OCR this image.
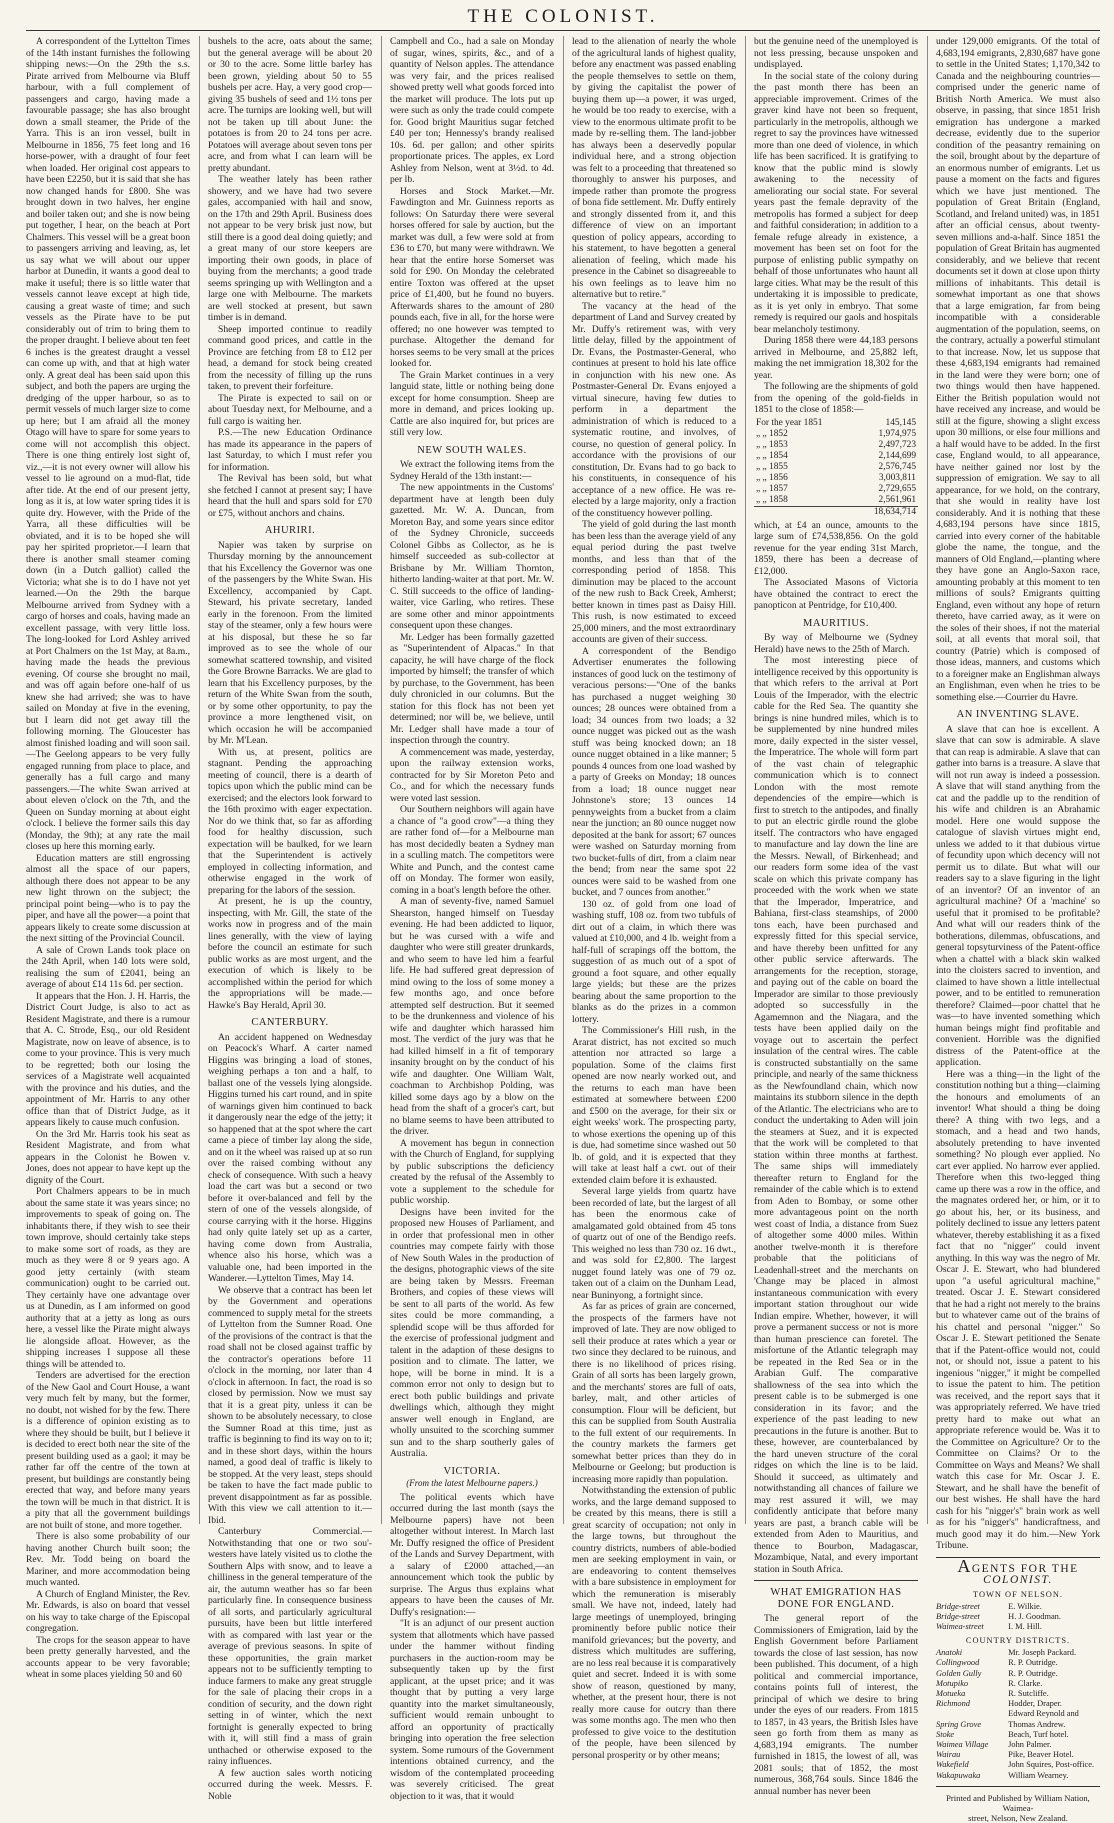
THE COLONIST.

A correspondent of the Lyttelton Times of the 14th instant furnishes the following shipping news:—On the 29th the s.s. Pirate arrived from Melbourne via Bluff harbour, with a full complement of passengers and cargo, having made a favourable passage; she has also brought down a small steamer, the Pride of the Yarra. This is an iron vessel, built in Melbourne in 1856, 75 feet long and 16 horse-power, with a draught of four feet when loaded. Her original cost appears to have been £2250, but it is said that she has now changed hands for £800. She was brought down in two halves, her engine and boiler taken out; and she is now being put together, I hear, on the beach at Port Chalmers. This vessel will be a great boon to passengers arriving and leaving, as, let us say what we will about our upper harbor at Dunedin, it wants a good deal to make it useful; there is so little water that vessels cannot leave except at high tide, causing a great waste of time; and such vessels as the Pirate have to be put considerably out of trim to bring them to the proper draught. I believe about ten feet 6 inches is the greatest draught a vessel can come up with, and that at high water only. A great deal has been said upon this subject, and both the papers are urging the dredging of the upper harbour, so as to permit vessels of much larger size to come up here; but I am afraid all the money Otago will have to spare for some years to come will not accomplish this object. There is one thing entirely lost sight of, viz.,—it is not every owner will allow his vessel to lie aground on a mud-flat, tide after tide. At the end of our present jetty, long as it is, at low water spring tides it is quite dry. However, with the Pride of the Yarra, all these difficulties will be obviated, and it is to be hoped she will pay her spirited proprietor.—I learn that there is another small steamer coming down (in a Dutch galliot) called the Victoria; what she is to do I have not yet learned.—On the 29th the barque Melbourne arrived from Sydney with a cargo of horses and coals, having made an excellent passage, with very little loss. The long-looked for Lord Ashley arrived at Port Chalmers on the 1st May, at 8a.m., having made the heads the previous evening. Of course she brought no mail, and was off again before one-half of us knew she had arrived; she was to have sailed on Monday at five in the evening, but I learn did not get away till the following morning. The Gloucester has almost finished loading and will soon sail.—The Geelong appears to be very fully engaged running from place to place, and generally has a full cargo and many passengers.—The white Swan arrived at about eleven o'clock on the 7th, and the Queen on Sunday morning at about eight o'clock. I believe the former sails this day (Monday, the 9th); at any rate the mail closes up here this morning early.

Education matters are still engrossing almost all the space of our papers, although there does not appear to be any new light thrown on the subject; the principal point being—who is to pay the piper, and have all the power—a point that appears likely to create some discussion at the next sitting of the Provincial Council.

A sale of Crown Lands took place on the 24th April, when 140 lots were sold, realising the sum of £2041, being an average of about £14 11s 6d. per section.

It appears that the Hon. J. H. Harris, the District Court Judge, is also to act as Resident Magistrate, and there is a rumour that A. C. Strode, Esq., our old Resident Magistrate, now on leave of absence, is to come to your province. This is very much to be regretted; both our losing the services of a Magistrate well acquainted with the province and his duties, and the appointment of Mr. Harris to any other office than that of District Judge, as it appears likely to cause much confusion.

On the 3rd Mr. Harris took his seat as Resident Magistrate, and from what appears in the Colonist he Bowen v. Jones, does not appear to have kept up the dignity of the Court.

Port Chalmers appears to be in much about the same state it was years since; no improvements to speak of going on. The inhabitants there, if they wish to see their town improve, should certainly take steps to make some sort of roads, as they are much as they were 8 or 9 years ago. A good jetty certainly (with steam communication) ought to be carried out. They certainly have one advantage over us at Dunedin, as I am informed on good authority that at a jetty as long as ours here, a vessel like the Pirate might always lie alongside afloat. However, as the shipping increases I suppose all these things will be attended to.

Tenders are advertised for the erection of the New Gaol and Court House, a want very much felt by many, but the former, no doubt, not wished for by the few. There is a difference of opinion existing as to where they should be built, but I believe it is decided to erect both near the site of the present building used as a gaol; it may be rather far off the centre of the town at present, but buildings are constantly being erected that way, and before many years the town will be much in that district. It is a pity that all the government buildings are not built of stone, and more together.

There is also some probability of our having another Church built soon; the Rev. Mr. Todd being on board the Mariner, and more accommodation being much wanted.

A Church of England Minister, the Rev. Mr. Edwards, is also on board that vessel on his way to take charge of the Episcopal congregation.

The crops for the season appear to have been pretty generally harvested, and the accounts appear to be very favorable; wheat in some places yielding 50 and 60

bushels to the acre, oats about the same; but the general average will be about 20 or 30 to the acre. Some little barley has been grown, yielding about 50 to 55 bushels per acre. Hay, a very good crop—giving 35 bushels of seed and 1½ tons per acre. The turnips are looking well, but will not be taken up till about June: the potatoes is from 20 to 24 tons per acre. Potatoes will average about seven tons per acre, and from what I can learn will be pretty abundant.

The weather lately has been rather showery, and we have had two severe gales, accompanied with hail and snow, on the 17th and 29th April. Business does not appear to be very brisk just now, but still there is a good deal doing quietly; and a great many of our store keepers are importing their own goods, in place of buying from the merchants; a good trade seems springing up with Wellington and a large one with Melbourne. The markets are well stocked at present, but sawn timber is in demand.

Sheep imported continue to readily command good prices, and cattle in the Province are fetching from £8 to £12 per head, a demand for stock being created from the necessity of filling up the runs taken, to prevent their forfeiture.

The Pirate is expected to sail on or about Tuesday next, for Melbourne, and a full cargo is waiting her.

P.S.—The new Education Ordinance has made its appearance in the papers of last Saturday, to which I must refer you for information.

The Revival has been sold, but what she fetched I cannot at present say; I have heard that the hull and spars sold for £70 or £75, without anchors and chains.

AHURIRI.

Napier was taken by surprise on Thursday morning by the announcement that his Excellency the Governor was one of the passengers by the White Swan. His Excellency, accompanied by Capt. Steward, his private secretary, landed early in the forenoon. From the limited stay of the steamer, only a few hours were at his disposal, but these he so far improved as to see the whole of our somewhat scattered township, and visited the Gore Browne Barracks. We are glad to learn that his Excellency purposes, by the return of the White Swan from the south, or by some other opportunity, to pay the province a more lengthened visit, on which occasion he will be accompanied by Mr. M'Lean.

With us, at present, politics are stagnant. Pending the approaching meeting of council, there is a dearth of topics upon which the public mind can be exercised; and the electors look forward to the 16th proximo with eager expectation. Nor do we think that, so far as affording food for healthy discussion, such expectation will be baulked, for we learn that the Superintendent is actively employed in collecting information, and otherwise engaged in the work of preparing for the labors of the session.

At present, he is up the country, inspecting, with Mr. Gill, the state of the works now in progress and of the main lines generally, with the view of laying before the council an estimate for such public works as are most urgent, and the execution of which is likely to be accomplished within the period for which the appropriations will be made.—Hawke's Bay Herald, April 30.

CANTERBURY.

An accident happened on Wednesday on Peacock's Wharf. A carter named Higgins was bringing a load of stones, weighing perhaps a ton and a half, to ballast one of the vessels lying alongside. Higgins turned his cart round, and in spite of warnings given him continued to back it dangerously near the edge of the jetty; it so happened that at the spot where the cart came a piece of timber lay along the side, and on it the wheel was raised up at so run over the raised combing without any check of consequence. With such a heavy load the cart was but a second or two before it over-balanced and fell by the stern of one of the vessels alongside, of course carrying with it the horse. Higgins had only quite lately set up as a carter, having come down from Australia, whence also his horse, which was a valuable one, had been imported in the Wanderer.—Lyttelton Times, May 14.

We observe that a contract has been let by the Government and operations commenced to supply metal for the streets of Lyttelton from the Sumner Road. One of the provisions of the contract is that the road shall not be closed against traffic by the contractor's operations before 11 o'clock in the morning, nor later than 4 o'clock in afternoon. In fact, the road is so closed by permission. Now we must say that it is a great pity, unless it can be shown to be absolutely necessary, to close the Sumner Road at this time, just as traffic is beginning to find its way on to it; and in these short days, within the hours named, a good deal of traffic is likely to be stopped. At the very least, steps should be taken to have the fact made public to prevent disappointment as far as possible. With this view we call attention to it.—Ibid.

Canterbury Commercial.— Notwithstanding that one or two sou'-westers have lately visited us to clothe the Southern Alps with snow, and to leave a chilliness in the general temperature of the air, the autumn weather has so far been particularly fine. In consequence business of all sorts, and particularly agricultural pursuits, have been but little interfered with as compared with last year or the average of previous seasons. In spite of these opportunities, the grain market appears not to be sufficiently tempting to induce farmers to make any great struggle for the sale of placing their crops in a condition of security, and the down right setting in of winter, which the next fortnight is generally expected to bring with it, will still find a mass of grain unthached or otherwise exposed to the rainy influences.

A few auction sales worth noticing occurred during the week. Messrs. F. Noble

Campbell and Co., had a sale on Monday of sugar, wines, spirits, &c., and of a quantity of Nelson apples. The attendance was very fair, and the prices realised showed pretty well what goods forced into the market will produce. The lots put up were such as only the trade could compete for. Good bright Mauritius sugar fetched £40 per ton; Hennessy's brandy realised 10s. 6d. per gallon; and other spirits proportionate prices. The apples, ex Lord Ashley from Nelson, went at 3½d. to 4d. per lb.

Horses and Stock Market.—Mr. Fawdington and Mr. Guinness reports as follows: On Saturday there were several horses offered for sale by auction, but the market was dull, a few were sold at from £36 to £70, but many were withdrawn. We hear that the entire horse Somerset was sold for £90. On Monday the celebrated entire Toxton was offered at the upset price of £1,400, but he found no buyers. Afterwards shares to the amount of 280 pounds each, five in all, for the horse were offered; no one however was tempted to purchase. Altogether the demand for horses seems to be very small at the prices looked for.

The Grain Market continues in a very languid state, little or nothing being done except for home consumption. Sheep are more in demand, and prices looking up. Cattle are also inquired for, but prices are still very low.

NEW SOUTH WALES.

We extract the following items from the Sydney Herald of the 13th instant:—

The new appointments in the Customs' department have at length been duly gazetted. Mr. W. A. Duncan, from Moreton Bay, and some years since editor of the Sydney Chronicle, succeeds Colonel Gibbs as Collector, as he is himself succeeded as sub-collector at Brisbane by Mr. William Thornton, hitherto landing-waiter at that port. Mr. W. C. Still succeeds to the office of landing-waiter, vice Garling, who retires. These are some other and minor appointments consequent upon these changes.

Mr. Ledger has been formally gazetted as "Superintendent of Alpacas." In that capacity, he will have charge of the flock imported by himself; the transfer of which by purchase, to the Government, has been duly chronicled in our columns. But the station for this flock has not been yet determined; nor will be, we believe, until Mr. Ledger shall have made a tour of inspection through the country.

A commencement was made, yesterday, upon the railway extension works, contracted for by Sir Moreton Peto and Co., and for which the necessary funds were voted last session.

Our Southern neighbors will again have a chance of "a good crow"—a thing they are rather fond of—for a Melbourne man has most decidedly beaten a Sydney man in a sculling match. The competitors were White and Punch, and the contest came off on Monday. The former won easily, coming in a boat's length before the other.

A man of seventy-five, named Samuel Shearston, hanged himself on Tuesday evening. He had been addicted to liquor, but he was cursed with a wife and daughter who were still greater drunkards, and who seem to have led him a fearful life. He had suffered great depression of mind owing to the loss of some money a few months ago, and once before attempted self destruction. But it seemed to be the drunkenness and violence of his wife and daughter which harassed him most. The verdict of the jury was that he had killed himself in a fit of temporary insanity brought on by the conduct of his wife and daughter. One William Walt, coachman to Archbishop Polding, was killed some days ago by a blow on the head from the shaft of a grocer's cart, but no blame seems to have been attributed to the driver.

A movement has begun in connection with the Church of England, for supplying by public subscriptions the deficiency created by the refusal of the Assembly to vote a supplement to the schedule for public worship.

Designs have been invited for the proposed new Houses of Parliament, and in order that professional men in other countries may compete fairly with those of New South Wales in the production of the designs, photographic views of the site are being taken by Messrs. Freeman Brothers, and copies of these views will be sent to all parts of the world. As few sites could be more commanding, a splendid scope will be thus afforded for the exercise of professional judgment and talent in the adaption of these designs to position and to climate. The latter, we hope, will be borne in mind. It is a common error not only to design but to erect both public buildings and private dwellings which, although they might answer well enough in England, are wholly unsuited to the scorching summer sun and to the sharp southerly gales of Australia.

VICTORIA.
(From the latest Melbourne papers.)

The political events which have occurred during the last month (says the Melbourne papers) have not been altogether without interest. In March last Mr. Duffy resigned the office of President of the Lands and Survey Department, with a salary of £2000 attached,—an announcement which took the public by surprise. The Argus thus explains what appears to have been the causes of Mr. Duffy's resignation:—

"It is an adjunct of our present auction system that allotments which have passed under the hammer without finding purchasers in the auction-room may be subsequently taken up by the first applicant, at the upset price; and it was thought that by putting a very large quantity into the market simultaneously, sufficient would remain unbought to afford an opportunity of practically bringing into operation the free selection system. Some rumours of the Government intentions obtained currency, and the wisdom of the contemplated proceeding was severely criticised. The great objection to it was, that it would

lead to the alienation of nearly the whole of the agricultural lands of highest quality, before any enactment was passed enabling the people themselves to settle on them, by giving the capitalist the power of buying them up—a power, it was urged, he would be too ready to exercise, with a view to the enormous ultimate profit to be made by re-selling them. The land-jobber has always been a deservedly popular individual here, and a strong objection was felt to a proceeding that threatened so thoroughly to answer his purposes, and impede rather than promote the progress of bona fide settlement. Mr. Duffy entirely and strongly dissented from it, and this difference of view on an important question of policy appears, according to his statement, to have begotten a general alienation of feeling, which made his presence in the Cabinet so disagreeable to his own feelings as to leave him no alternative but to retire."

The vacancy at the head of the department of Land and Survey created by Mr. Duffy's retirement was, with very little delay, filled by the appointment of Dr. Evans, the Postmaster-General, who continues at present to hold his late office in conjunction with his new one. As Postmaster-General Dr. Evans enjoyed a virtual sinecure, having few duties to perform in a department the administration of which is reduced to a systematic routine, and involves, of course, no question of general policy. In accordance with the provisions of our constitution, Dr. Evans had to go back to his constituents, in consequence of his acceptance of a new office. He was re-elected by a large majority, only a fraction of the constituency however polling.

The yield of gold during the last month has been less than the average yield of any equal period during the past twelve months, and less than that of the corresponding period of 1858. This diminution may be placed to the account of the new rush to Back Creek, Amherst; better known in times past as Daisy Hill. This rush, is now estimated to exceed 25,000 miners, and the most extraordinary accounts are given of their success.

A correspondent of the Bendigo Advertiser enumerates the following instances of good luck on the testimony of veracious persons:—"One of the banks has purchased a nugget weighing 30 ounces; 28 ounces were obtained from a load; 34 ounces from two loads; a 32 ounce nugget was picked out as the wash stuff was being knocked down; an 18 ounce nugget obtained in a like manner; 5 pounds 4 ounces from one load washed by a party of Greeks on Monday; 18 ounces from a load; 18 ounce nugget near Johnstone's store; 13 ounces 14 pennyweights from a bucket from a claim near the junction; an 80 ounce nugget now deposited at the bank for assort; 67 ounces were washed on Saturday morning from two bucket-fulls of dirt, from a claim near the bend; from near the same spot 22 ounces were said to be washed from one bucket, and 7 ounces from another."

130 oz. of gold from one load of washing stuff, 108 oz. from two tubfuls of dirt out of a claim, in which there was valued at £10,000, and 4 lb. weight from a half-full of scrapings off the bottom, the suggestion of as much out of a spot of ground a foot square, and other equally large yields; but these are the prizes bearing about the same proportion to the blanks as do the prizes in a common lottery.

The Commissioner's Hill rush, in the Ararat district, has not excited so much attention nor attracted so large a population. Some of the claims first opened are now nearly worked out, and the returns to each man have been estimated at somewhere between £200 and £500 on the average, for their six or eight weeks' work. The prospecting party, to whose exertions the opening up of this is due, had sometime since washed out 50 lb. of gold, and it is expected that they will take at least half a cwt. out of their extended claim before it is exhausted.

Several large yields from quartz have been recorded of late, but the largest of all has been the enormous cake of amalgamated gold obtained from 45 tons of quartz out of one of the Bendigo reefs. This weighed no less than 730 oz. 16 dwt., and was sold for £2,800. The largest nugget found lately was one of 79 oz. taken out of a claim on the Dunham Lead, near Buninyong, a fortnight since.

As far as prices of grain are concerned, the prospects of the farmers have not improved of late. They are now obliged to sell their produce at rates which a year or two since they declared to be ruinous, and there is no likelihood of prices rising. Grain of all sorts has been largely grown, and the merchants' stores are full of oats, barley, malt, and other articles of consumption. Flour will be deficient, but this can be supplied from South Australia to the full extent of our requirements. In the country markets the farmers get somewhat better prices than they do in Melbourne or Geelong; but production is increasing more rapidly than population.

Notwithstanding the extension of public works, and the large demand supposed to be created by this means, there is still a great scarcity of occupation; not only in the large towns, but throughout the country districts, numbers of able-bodied men are seeking employment in vain, or are endeavoring to content themselves with a bare subsistence in employment for which the remuneration is miserably small. We have not, indeed, lately had large meetings of unemployed, bringing prominently before public notice their manifold grievances; but the poverty, and distress which multitudes are suffering, are no less real because it is comparatively quiet and secret. Indeed it is with some show of reason, questioned by many, whether, at the present hour, there is not really more cause for outcry than there was some months ago. The men who then professed to give voice to the destitution of the people, have been silenced by personal prosperity or by other means;

but the genuine need of the unemployed is not less pressing, because unspoken and undisplayed.

In the social state of the colony during the past month there has been an appreciable improvement. Crimes of the graver kind have not been so frequent, particularly in the metropolis, although we regret to say the provinces have witnessed more than one deed of violence, in which life has been sacrificed. It is gratifying to know that the public mind is slowly awakening to the necessity of ameliorating our social state. For several years past the female depravity of the metropolis has formed a subject for deep and faithful consideration; in addition to a female refuge already in existence, a movement has been set on foot for the purpose of enlisting public sympathy on behalf of those unfortunates who haunt all large cities. What may be the result of this undertaking it is impossible to predicate, as it is yet only in embryo. That some remedy is required our gaols and hospitals bear melancholy testimony.

During 1858 there were 44,183 persons arrived in Melbourne, and 25,882 left, making the net immigration 18,302 for the year.

The following are the shipments of gold from the opening of the gold-fields in 1851 to the close of 1858:—

For the year 1851	145,145
„ „ 1852	1,974,975
„ „ 1853	2,497,723
„ „ 1854	2,144,699
„ „ 1855	2,576,745
„ „ 1856	3,003,811
„ „ 1857	2,729,655
„ „ 1858	2,561,961
	18,634,714

which, at £4 an ounce, amounts to the large sum of £74,538,856. On the gold revenue for the year ending 31st March, 1859, there has been a decrease of £12,000.

The Associated Masons of Victoria have obtained the contract to erect the panopticon at Pentridge, for £10,400.

MAURITIUS.

By way of Melbourne we (Sydney Herald) have news to the 25th of March.

The most interesting piece of intelligence received by this opportunity is that which refers to the arrival at Port Louis of the Imperador, with the electric cable for the Red Sea. The quantity she brings is nine hundred miles, which is to be supplemented by nine hundred miles more, daily expected in the sister vessel, the Imperatrice. The whole will form part of the vast chain of telegraphic communication which is to connect London with the most remote dependencies of the empire—which is first to stretch to the antipodes, and finally to put an electric girdle round the globe itself. The contractors who have engaged to manufacture and lay down the line are the Messrs. Newall, of Birkenhead; and our readers form some idea of the vast scale on which this private company has proceeded with the work when we state that the Imperador, Imperatrice, and Bahiana, first-class steamships, of 2000 tons each, have been purchased and expressly fitted for this special service, and have thereby been unfitted for any other public service afterwards. The arrangements for the reception, storage, and paying out of the cable on board the Imperador are similar to those previously adopted so successfully in the Agamemnon and the Niagara, and the tests have been applied daily on the voyage out to ascertain the perfect insulation of the central wires. The cable is constructed substantially on the same principle, and nearly of the same thickness as the Newfoundland chain, which now maintains its stubborn silence in the depth of the Atlantic. The electricians who are to conduct the undertaking to Aden will join the steamers at Suez, and it is expected that the work will be completed to that station within three months at farthest. The same ships will immediately thereafter return to England for the remainder of the cable which is to extend from Aden to Bombay, or some other more advantageous point on the north west coast of India, a distance from Suez of altogether some 4000 miles. Within another twelve-month it is therefore probable that the politicians of Leadenhall-street and the merchants on 'Change may be placed in almost instantaneous communication with every important station throughout our wide Indian empire. Whether, however, it will prove a permanent success or not is more than human prescience can foretel. The misfortune of the Atlantic telegraph may be repeated in the Red Sea or in the Arabian Gulf. The comparative shallowness of the sea into which the present cable is to be submerged is one consideration in its favor; and the experience of the past leading to new precautions in the future is another. But to these, however, are counterbalanced by the hard uneven structure of the coral ridges on which the line is to be laid. Should it succeed, as ultimately and notwithstanding all chances of failure we may rest assured it will, we may confidently anticipate that before many years are past, a branch cable will be extended from Aden to Mauritius, and thence to Bourbon, Madagascar, Mozambique, Natal, and every important station in South Africa.

WHAT EMIGRATION HAS DONE FOR ENGLAND.

The general report of the Commissioners of Emigration, laid by the English Government before Parliament towards the close of last session, has now been published. This document, of a high political and commercial importance, contains points full of interest, the principal of which we desire to bring under the eyes of our readers. From 1815 to 1857, in 43 years, the British Isles have seen go forth from them as many as 4,683,194 emigrants. The number furnished in 1815, the lowest of all, was 2081 souls; that of 1852, the most numerous, 368,764 souls. Since 1846 the annual number has never been

under 129,000 emigrants. Of the total of 4,683,194 emigrants, 2,830,687 have gone to settle in the United States; 1,170,342 to Canada and the neighbouring countries—comprised under the generic name of British North America. We must also observe, in passing, that since 1851 Irish emigration has undergone a marked decrease, evidently due to the superior condition of the peasantry remaining on the soil, brought about by the departure of an enormous number of emigrants. Let us pause a moment on the facts and figures which we have just mentioned. The population of Great Britain (England, Scotland, and Ireland united) was, in 1851 after an official census, about twenty-seven millions and-a-half. Since 1851 the population of Great Britain has augmented considerably, and we believe that recent documents set it down at close upon thirty millions of inhabitants. This detail is somewhat important as one that shows that a large emigration, far from being incompatible with a considerable augmentation of the population, seems, on the contrary, actually a powerful stimulant to that increase. Now, let us suppose that these 4,683,194 emigrants had remained in the land were they were born; one of two things would then have happened. Either the British population would not have received any increase, and would be still at the figure, showing a slight excess upon 30 millions, or else four millions and a half would have to be added. In the first case, England would, to all appearance, have neither gained nor lost by the suppression of emigration. We say to all appearance, for we hold, on the contrary, that she would in reality have lost considerably. And it is nothing that these 4,683,194 persons have since 1815, carried into every corner of the habitable globe the name, the tongue, and the manners of Old England,—planting where they have gone an Anglo-Saxon race, amounting probably at this moment to ten millions of souls? Emigrants quitting England, even without any hope of return thereto, have carried away, as it were on the soles of their shoes, if not the material soil, at all events that moral soil, that country (Patrie) which is composed of those ideas, manners, and customs which to a foreigner make an Englishman always an Englishman, even when he tries to be something else.—Courrier du Havre.

AN INVENTING SLAVE.

A slave that can hoe is excellent. A slave that can sow is admirable. A slave that can reap is admirable. A slave that can gather into barns is a treasure. A slave that will not run away is indeed a possession. A slave that will stand anything from the cat and the paddle up to the rendition of his wife and children is an Abrahamic model. Here one would suppose the catalogue of slavish virtues might end, unless we added to it that dubious virtue of fecundity upon which decency will not permit us to dilate. But what will our readers say to a slave figuring in the light of an inventor? Of an inventor of an agricultural machine? Of a 'machine' so useful that it promised to be profitable? And what will our readers think of the botherations, dilemmas, obfuscations, and general topsyturviness of the Patent-office when a chattel with a black skin walked into the cloisters sacred to invention, and claimed to have shown a little intellectual power, and to be entitled to remuneration therefore? Claimed—poor chattel that he was—to have invented something which human beings might find profitable and convenient. Horrible was the dignified distress of the Patent-office at the application.

Here was a thing—in the light of the constitution nothing but a thing—claiming the honours and emoluments of an inventor! What should a thing be doing there? A thing with two legs, and a stomach, and a head and two hands, absolutely pretending to have invented something? No plough ever applied. No cart ever applied. No harrow ever applied. Therefore when this two-legged thing came up there was a row in the office, and the magnates ordered her, or him, or it to go about his, her, or its business, and politely declined to issue any letters patent whatever, thereby establishing it as a fixed fact that no "nigger" could invent anything. In this way was the negro of Mr. Oscar J. E. Stewart, who had blundered upon "a useful agricultural machine," treated. Oscar J. E. Stewart considered that he had a right not merely to the brains but to whatever came out of the brains of his chattel and personal "nigger." So Oscar J. E. Stewart petitioned the Senate that if the Patent-office would not, could not, or should not, issue a patent to his ingenious "nigger," it might be compelled to issue the patent to him. The petition was received, and the report says that it was appropriately referred. We have tried pretty hard to make out what an appropriate reference would be. Was it to the Committee on Agriculture? Or to the Committee on Claims? Or to the Committee on Ways and Means? We shall watch this case for Mr. Oscar J. E. Stewart, and he shall have the benefit of our best wishes. He shall have the hard cash for his "nigger's" brain work as well as for his "nigger's" handicraftness, and much good may it do him.—New York Tribune.

AGENTS FOR THE COLONIST.
TOWN OF NELSON.
Bridge-street	E. Wilkie.
Bridge-street	H. J. Goodman.
Waimea-street	I. M. Hill.
COUNTRY DISTRICTS.
Anatoki	Mr. Joseph Packard.
Collingwood	R. P. Outridge.
Golden Gully	R. P. Outridge.
Motupiko	R. Clarke.
Motueka	R. Sutcliffe.
Richmond	Hodder, Draper.
	Edward Reynold and
Spring Grove	Thomas Andrew.
Stoke	Beach, Turf hotel.
Waimea Village	John Palmer.
Wairau	Pike, Beaver Hotel.
Wakefield	John Squires, Post-office.
Wakapuwaka	William Wearney.
Printed and Published by William Nation, Waimea-
street, Nelson, New Zealand.
